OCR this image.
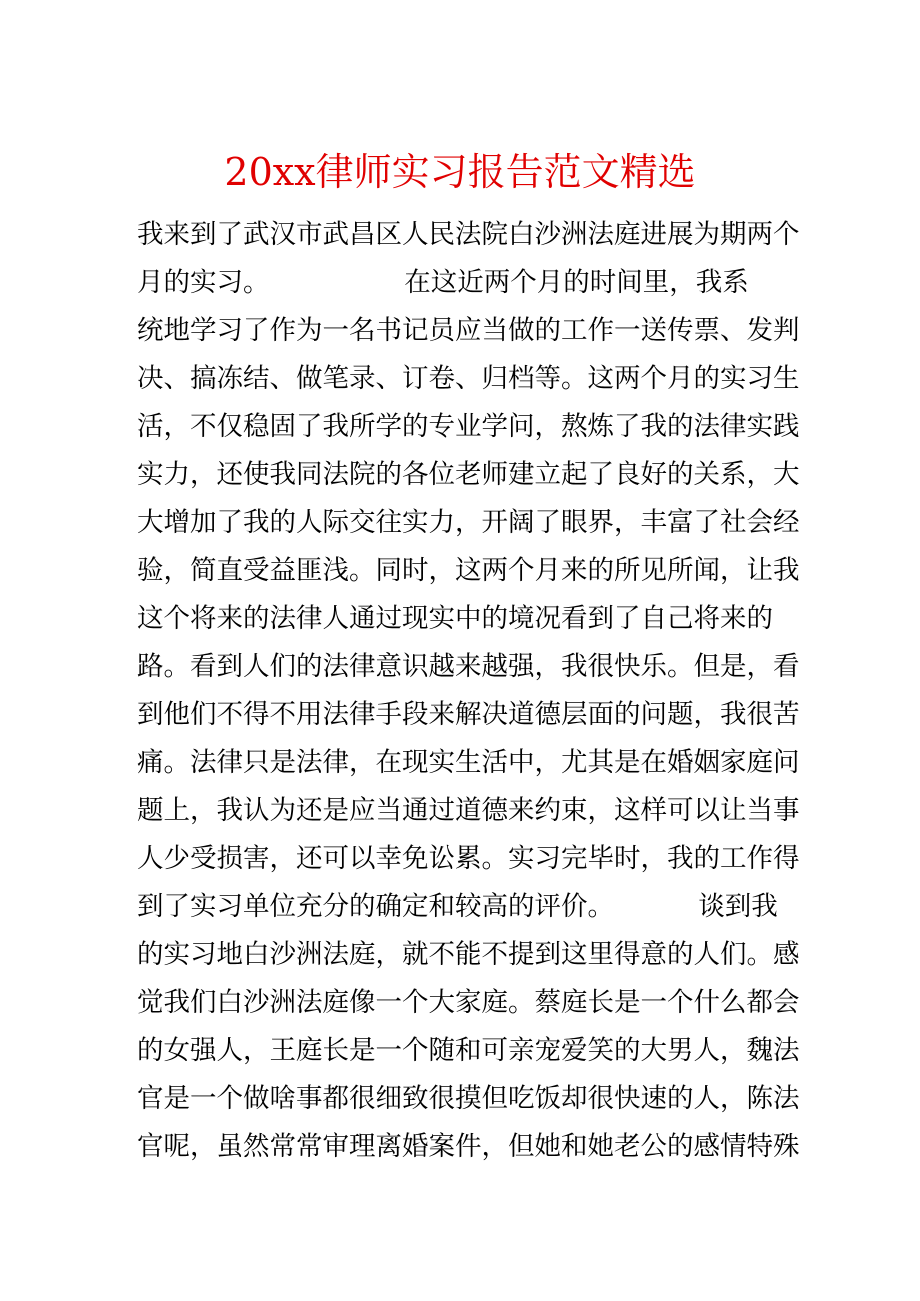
20xx律师实习报告范文精选
我来到了武汉市武昌区人民法院白沙洲法庭进展为期两个
月的实习。                在这近两个月的时间里，我系
统地学习了作为一名书记员应当做的工作一送传票、发判
决、搞冻结、做笔录、订卷、归档等。这两个月的实习生
活，不仅稳固了我所学的专业学问，熬炼了我的法律实践
实力，还使我同法院的各位老师建立起了良好的关系，大
大增加了我的人际交往实力，开阔了眼界，丰富了社会经
验，简直受益匪浅。同时，这两个月来的所见所闻，让我
这个将来的法律人通过现实中的境况看到了自己将来的
路。看到人们的法律意识越来越强，我很快乐。但是，看
到他们不得不用法律手段来解决道德层面的问题，我很苦
痛。法律只是法律，在现实生活中，尤其是在婚姻家庭问
题上，我认为还是应当通过道德来约束，这样可以让当事
人少受损害，还可以幸免讼累。实习完毕时，我的工作得
到了实习单位充分的确定和较高的评价。          谈到我
的实习地白沙洲法庭，就不能不提到这里得意的人们。感
觉我们白沙洲法庭像一个大家庭。蔡庭长是一个什么都会
的女强人，王庭长是一个随和可亲宠爱笑的大男人，魏法
官是一个做啥事都很细致很摸但吃饭却很快速的人，陈法
官呢，虽然常常审理离婚案件，但她和她老公的感情特殊
